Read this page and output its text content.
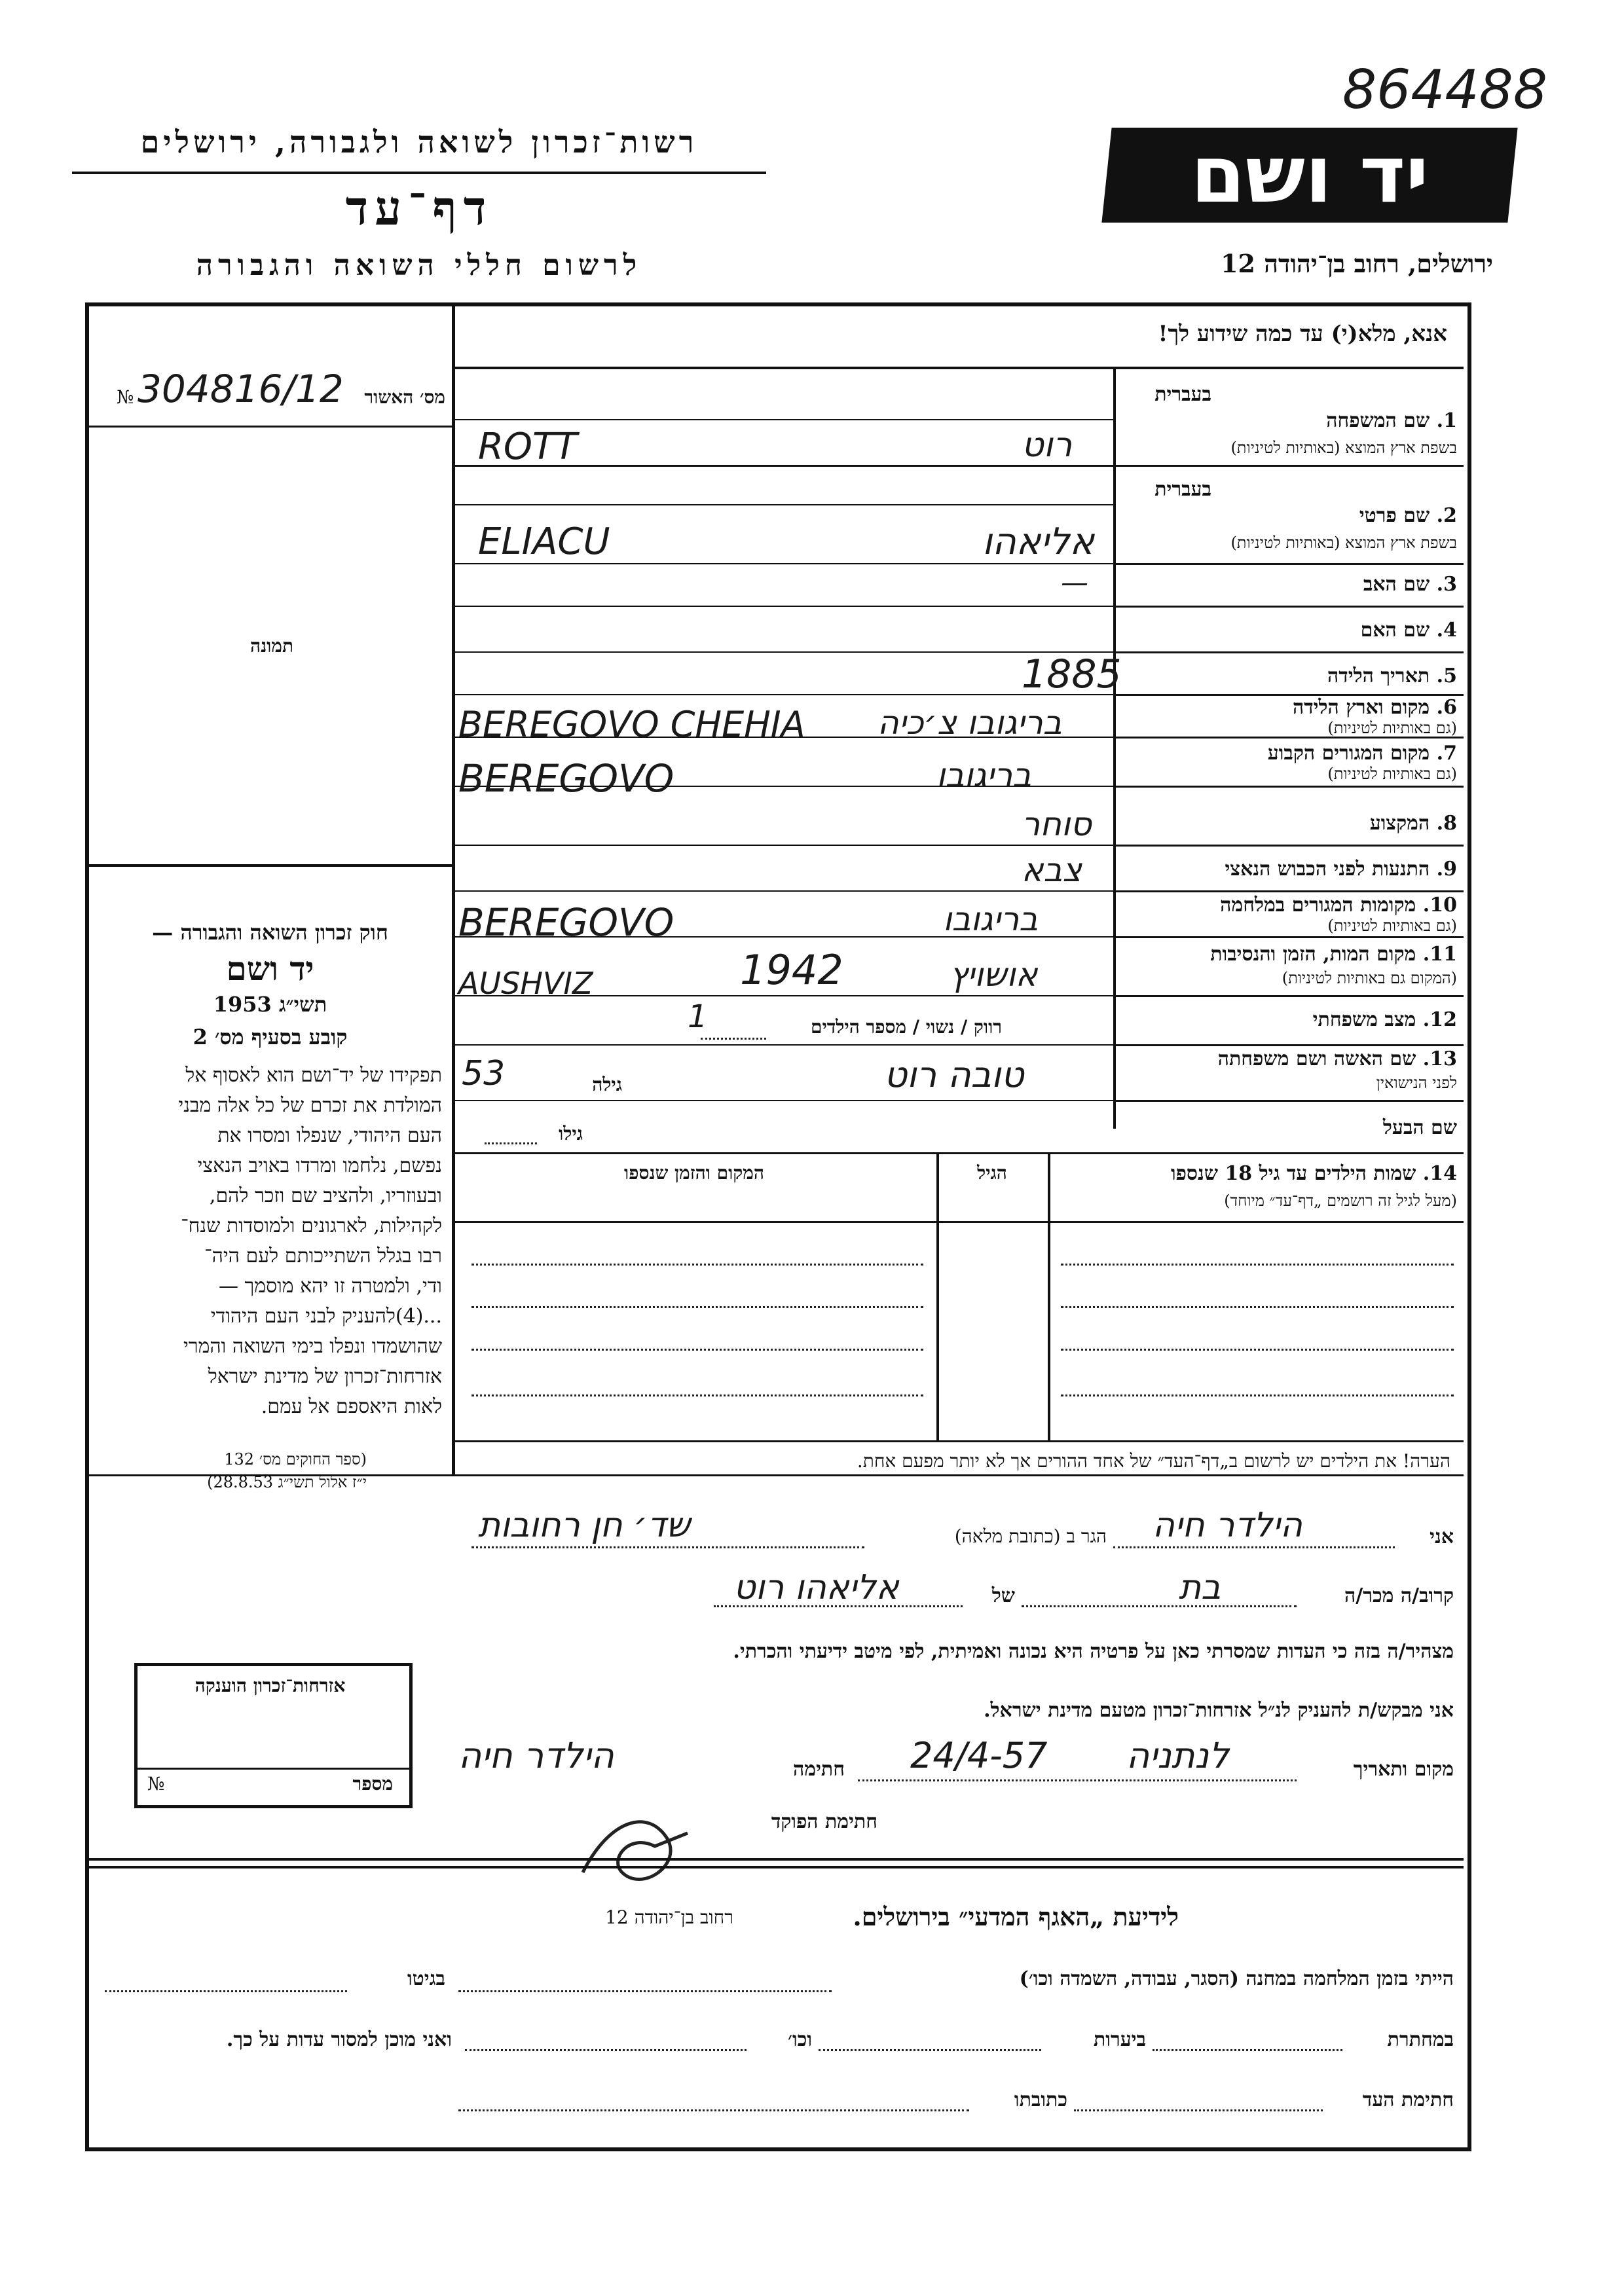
864488
רשות־זכרון לשואה ולגבורה, ירושלים
דף־עד
לרשום חללי השואה והגבורה
יד ושם
ירושלים, רחוב בן־יהודה 12
אנא, מלא(י) עד כמה שידוע לך!
מס׳ האשור
№ 304816/12
תמונה
בעברית
1. שם המשפחה
בשפת ארץ המוצא (באותיות לטיניות)
בעברית
2. שם פרטי
בשפת ארץ המוצא (באותיות לטיניות)
3. שם האב
4. שם האם
5. תאריך הלידה
6. מקום וארץ הלידה
(גם באותיות לטיניות)
7. מקום המגורים הקבוע
(גם באותיות לטיניות)
8. המקצוע
9. התנעות לפני הכבוש הנאצי
10. מקומות המגורים במלחמה
(גם באותיות לטיניות)
11. מקום המות, הזמן והנסיבות
(המקום גם באותיות לטיניות)
12. מצב משפחתי
13. שם האשה ושם משפחתה
לפני הנישואין
שם הבעל
רוט
ROTT
אליאהו
ELIACU
—
1885
בריגובו צ׳כיה
BEREGOVO CHEHIA
בריגובו
BEREGOVO
סוחר
צבא
בריגובו
BEREGOVO
אושויץ
1942
AUSHVIZ
רווק / נשוי / מספר הילדים
1
טובה רוט
גילה
53
גילו
14. שמות הילדים עד גיל 18 שנספו
(מעל לגיל זה רושמים „דף־עד״ מיוחד)
הגיל
המקום והזמן שנספו
הערה! את הילדים יש לרשום ב„דף־העד״ של אחד ההורים אך לא יותר מפעם אחת.
חוק זכרון השואה והגבורה —
יד ושם
תשי״ג 1953
קובע בסעיף מס׳ 2
תפקידו של יד־ושם הוא לאסוף אל
המולדת את זכרם של כל אלה מבני
העם היהודי, שנפלו ומסרו את
נפשם, נלחמו ומרדו באויב הנאצי
ובעוזריו, ולהציב שם וזכר להם,
לקהילות, לארגונים ולמוסדות שנח־
רבו בגלל השתייכותם לעם היה־
ודי, ולמטרה זו יהא מוסמך —
...(4)להעניק לבני העם היהודי
שהושמדו ונפלו בימי השואה והמרי
אזרחות־זכרון של מדינת ישראל
לאות היאספם אל עמם.
(ספר החוקים מס׳ 132
י״ז אלול תשי״ג 28.8.53)
אני
הילדר חיה
הגר ב (כתובת מלאה)
שד׳ חן רחובות
קרוב/ה מכר/ה
בת
של
אליאהו רוט
מצהיר/ה בזה כי העדות שמסרתי כאן על פרטיה היא נכונה ואמיתית, לפי מיטב ידיעתי והכרתי.
אני מבקש/ת להעניק לנ״ל אזרחות־זכרון מטעם מדינת ישראל.
מקום ותאריך
לנתניה
24/4-57
חתימה
הילדר חיה
חתימת הפוקד
אזרחות־זכרון הוענקה
מספר
№
לידיעת „האגף המדעי״ בירושלים.
רחוב בן־יהודה 12
הייתי בזמן המלחמה במחנה (הסגר, עבודה, השמדה וכו׳)
בגיטו
במחתרת
ביערות
וכו׳
ואני מוכן למסור עדות על כך.
חתימת העד
כתובתו
